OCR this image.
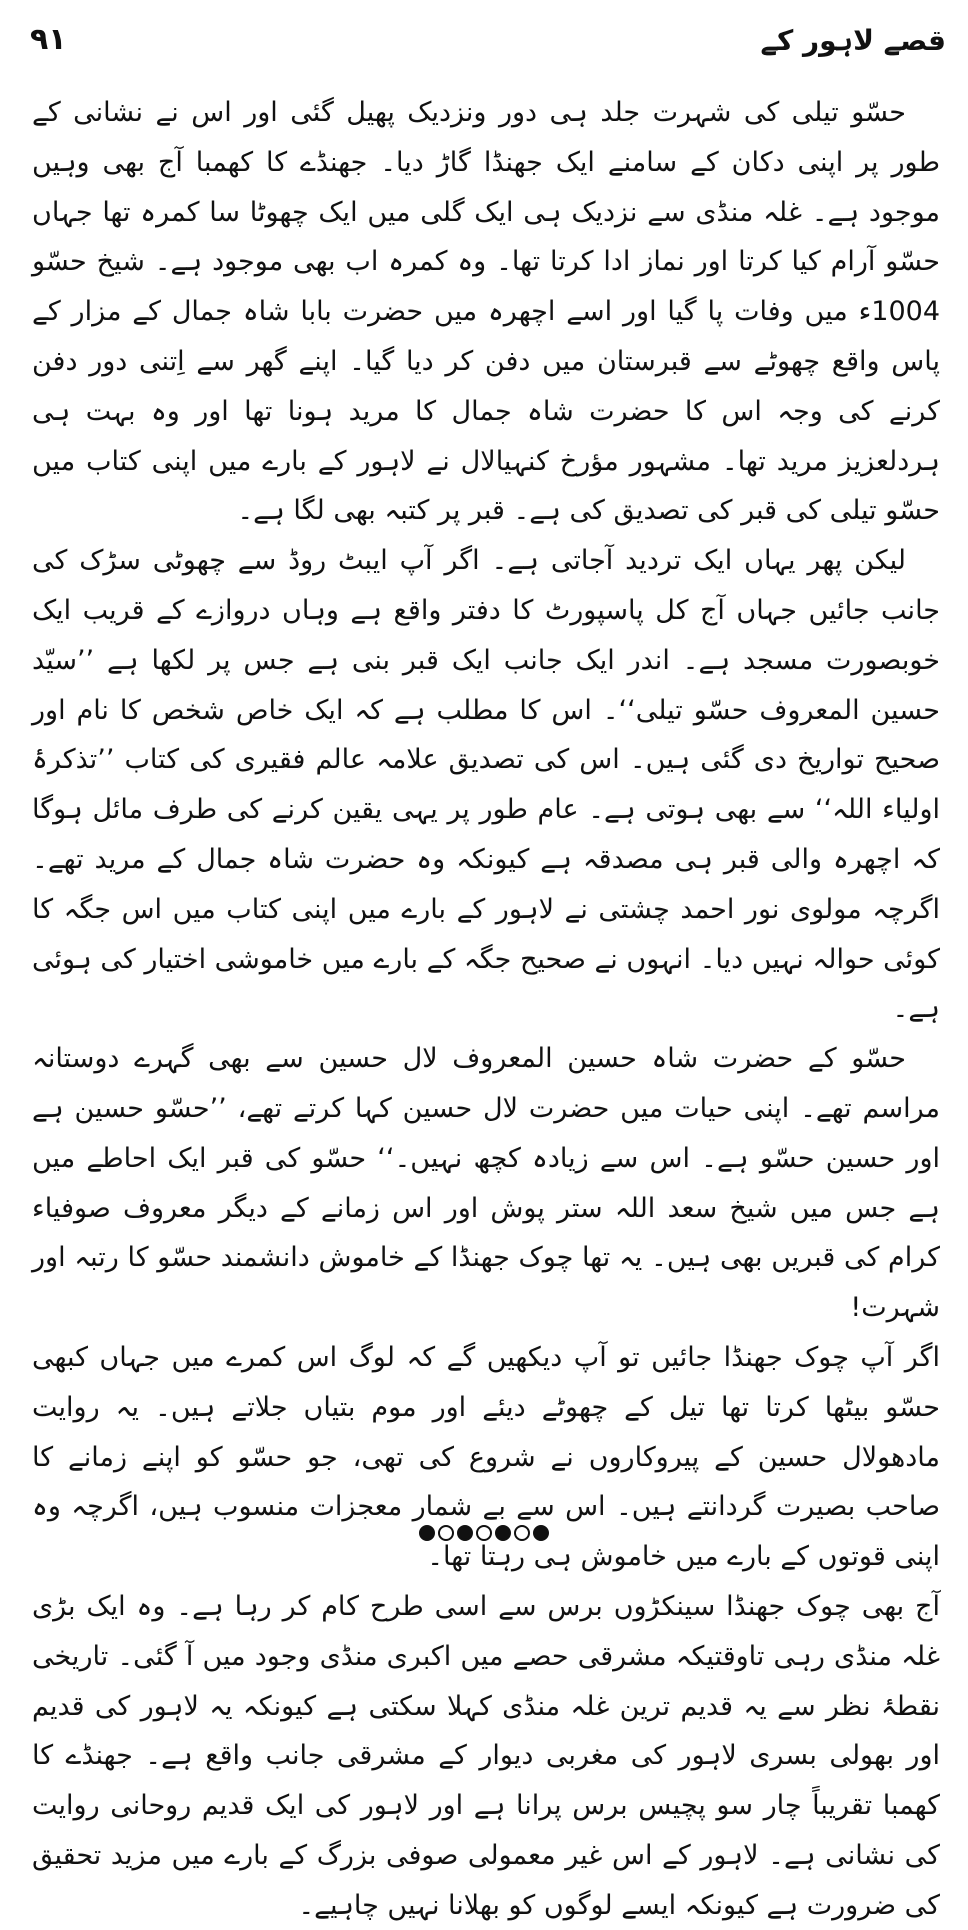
۹۱	قصے لاہور کے

حسّو تیلی کی شہرت جلد ہی دور ونزدیک پھیل گئی اور اس نے نشانی کے طور پر اپنی دکان کے سامنے ایک جھنڈا گاڑ دیا۔ جھنڈے کا کھمبا آج بھی وہیں موجود ہے۔ غلہ منڈی سے نزدیک ہی ایک گلی میں ایک چھوٹا سا کمرہ تھا جہاں حسّو آرام کیا کرتا اور نماز ادا کرتا تھا۔ وہ کمرہ اب بھی موجود ہے۔ شیخ حسّو 1004ء میں وفات پا گیا اور اسے اچھرہ میں حضرت بابا شاہ جمال کے مزار کے پاس واقع چھوٹے سے قبرستان میں دفن کر دیا گیا۔ اپنے گھر سے اِتنی دور دفن کرنے کی وجہ اس کا حضرت شاہ جمال کا مرید ہونا تھا اور وہ بہت ہی ہردلعزیز مرید تھا۔ مشہور مؤرخ کنہیالال نے لاہور کے بارے میں اپنی کتاب میں حسّو تیلی کی قبر کی تصدیق کی ہے۔ قبر پر کتبہ بھی لگا ہے۔

لیکن پھر یہاں ایک تردید آجاتی ہے۔ اگر آپ ایبٹ روڈ سے چھوٹی سڑک کی جانب جائیں جہاں آج کل پاسپورٹ کا دفتر واقع ہے وہاں دروازے کے قریب ایک خوبصورت مسجد ہے۔ اندر ایک جانب ایک قبر بنی ہے جس پر لکھا ہے ’’سیّد حسین المعروف حسّو تیلی‘‘۔ اس کا مطلب ہے کہ ایک خاص شخص کا نام اور صحیح تواریخ دی گئی ہیں۔ اس کی تصدیق علامہ عالم فقیری کی کتاب ’’تذکرۂ اولیاء اللہ‘‘ سے بھی ہوتی ہے۔ عام طور پر یہی یقین کرنے کی طرف مائل ہوگا کہ اچھرہ والی قبر ہی مصدقہ ہے کیونکہ وہ حضرت شاہ جمال کے مرید تھے۔ اگرچہ مولوی نور احمد چشتی نے لاہور کے بارے میں اپنی کتاب میں اس جگہ کا کوئی حوالہ نہیں دیا۔ انہوں نے صحیح جگہ کے بارے میں خاموشی اختیار کی ہوئی ہے۔

حسّو کے حضرت شاہ حسین المعروف لال حسین سے بھی گہرے دوستانہ مراسم تھے۔ اپنی حیات میں حضرت لال حسین کہا کرتے تھے، ’’حسّو حسین ہے اور حسین حسّو ہے۔ اس سے زیادہ کچھ نہیں۔‘‘ حسّو کی قبر ایک احاطے میں ہے جس میں شیخ سعد اللہ ستر پوش اور اس زمانے کے دیگر معروف صوفیاء کرام کی قبریں بھی ہیں۔ یہ تھا چوک جھنڈا کے خاموش دانشمند حسّو کا رتبہ اور شہرت!

اگر آپ چوک جھنڈا جائیں تو آپ دیکھیں گے کہ لوگ اس کمرے میں جہاں کبھی حسّو بیٹھا کرتا تھا تیل کے چھوٹے دیئے اور موم بتیاں جلاتے ہیں۔ یہ روایت مادھولال حسین کے پیروکاروں نے شروع کی تھی، جو حسّو کو اپنے زمانے کا صاحب بصیرت گردانتے ہیں۔ اس سے بے شمار معجزات منسوب ہیں، اگرچہ وہ اپنی قوتوں کے بارے میں خاموش ہی رہتا تھا۔

آج بھی چوک جھنڈا سینکڑوں برس سے اسی طرح کام کر رہا ہے۔ وہ ایک بڑی غلہ منڈی رہی تاوقتیکہ مشرقی حصے میں اکبری منڈی وجود میں آ گئی۔ تاریخی نقطۂ نظر سے یہ قدیم ترین غلہ منڈی کہلا سکتی ہے کیونکہ یہ لاہور کی قدیم اور بھولی بسری لاہور کی مغربی دیوار کے مشرقی جانب واقع ہے۔ جھنڈے کا کھمبا تقریباً چار سو پچیس برس پرانا ہے اور لاہور کی ایک قدیم روحانی روایت کی نشانی ہے۔ لاہور کے اس غیر معمولی صوفی بزرگ کے بارے میں مزید تحقیق کی ضرورت ہے کیونکہ ایسے لوگوں کو بھلانا نہیں چاہیے۔
